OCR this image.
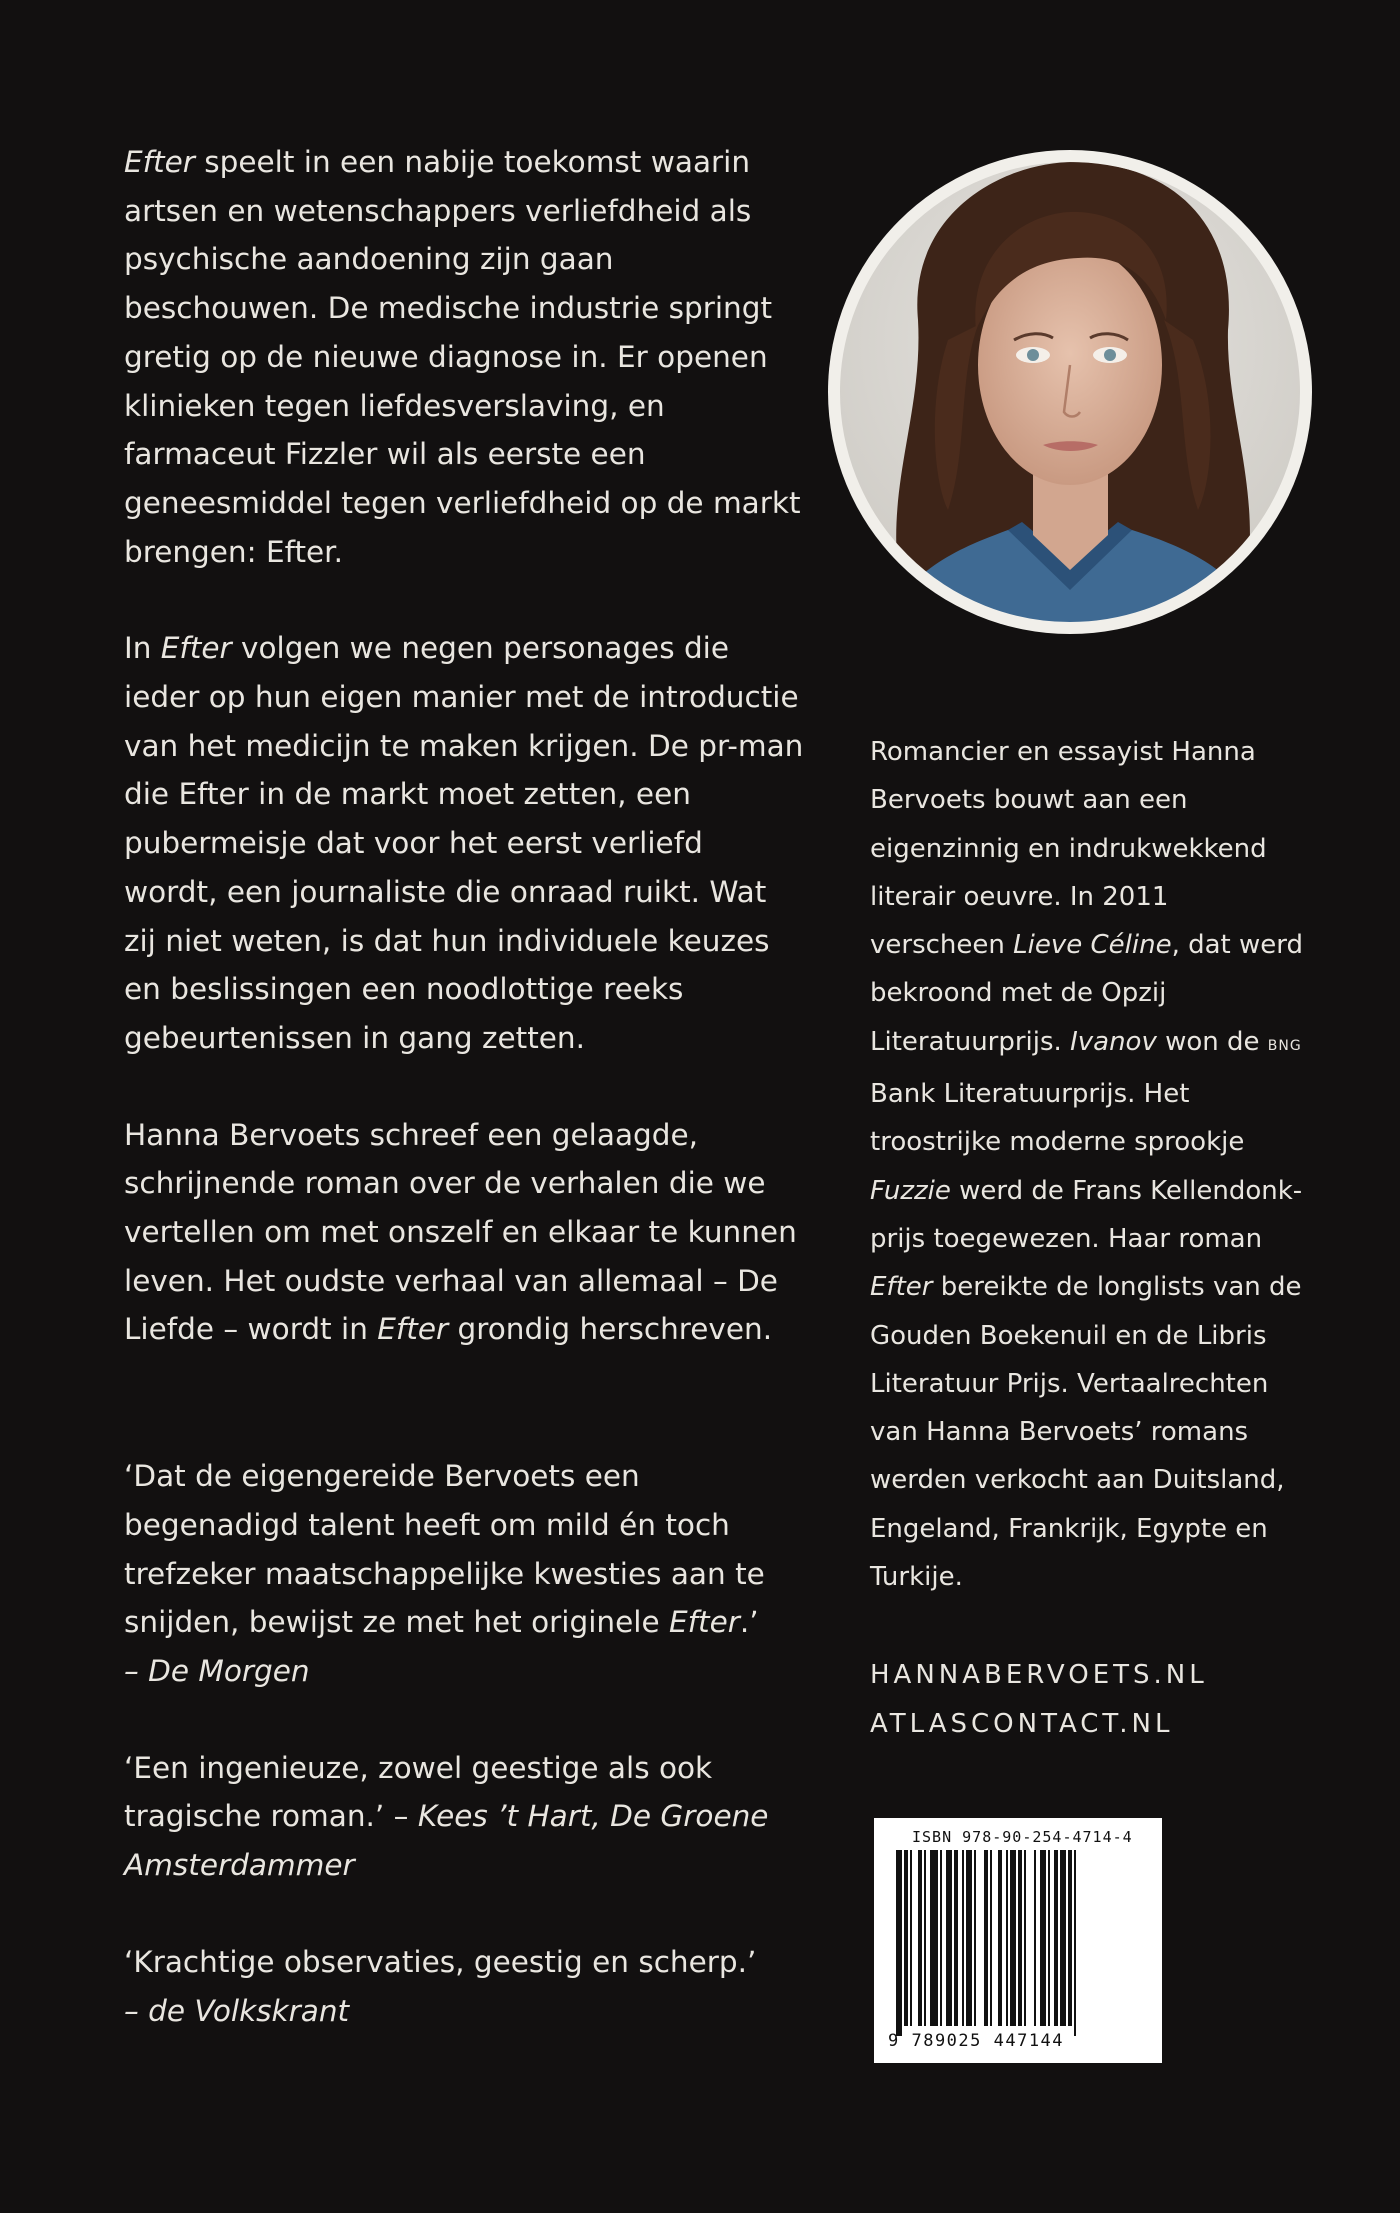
Efter speelt in een nabije toekomst waarin artsen en wetenschappers verliefdheid als psychische aandoening zijn gaan beschouwen. De medische industrie springt gretig op de nieuwe diagnose in. Er openen klinieken tegen liefdesverslaving, en farmaceut Fizzler wil als eerste een geneesmiddel tegen verliefdheid op de markt brengen: Efter.

In Efter volgen we negen personages die ieder op hun eigen manier met de introductie van het medicijn te maken krijgen. De pr-man die Efter in de markt moet zetten, een pubermeisje dat voor het eerst verliefd wordt, een journaliste die onraad ruikt. Wat zij niet weten, is dat hun individuele keuzes en beslissingen een noodlottige reeks gebeurtenissen in gang zetten.

Hanna Bervoets schreef een gelaagde, schrijnende roman over de verhalen die we vertellen om met onszelf en elkaar te kunnen leven. Het oudste verhaal van allemaal – De Liefde – wordt in Efter grondig herschreven.

‘Dat de eigengereide Bervoets een begenadigd talent heeft om mild én toch trefzeker maatschappelijke kwesties aan te snijden, bewijst ze met het originele Efter.’
– De Morgen

‘Een ingenieuze, zowel geestige als ook tragische roman.’ – Kees ’t Hart, De Groene Amsterdammer

‘Krachtige observaties, geestig en scherp.’
– de Volkskrant

Romancier en essayist Hanna Bervoets bouwt aan een eigenzinnig en indrukwekkend literair oeuvre. In 2011 verscheen Lieve Céline, dat werd bekroond met de Opzij Literatuurprijs. Ivanov won de BNG Bank Literatuurprijs. Het troostrijke moderne sprookje Fuzzie werd de Frans Kellendonk-prijs toegewezen. Haar roman Efter bereikte de longlists van de Gouden Boekenuil en de Libris Literatuur Prijs. Vertaalrechten van Hanna Bervoets’ romans werden verkocht aan Duitsland, Engeland, Frankrijk, Egypte en Turkije.

HANNABERVOETS.NL
ATLASCONTACT.NL
ISBN 978-90-254-4714-4
9 789025 447144
